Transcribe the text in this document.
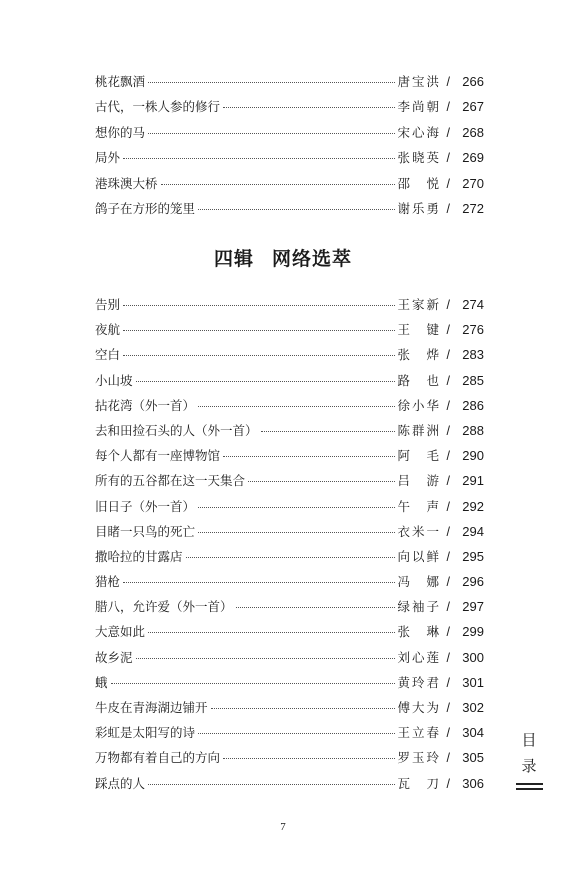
桃花飘酒	唐宝洪 / 266
古代，一株人参的修行	李尚朝 / 267
想你的马	宋心海 / 268
局外	张晓英 / 269
港珠澳大桥	邵　悦 / 270
鸽子在方形的笼里	谢乐勇 / 272
四辑 网络选萃
告别	王家新 / 274
夜航	王　键 / 276
空白	张　烨 / 283
小山坡	路　也 / 285
拈花湾（外一首）	徐小华 / 286
去和田捡石头的人（外一首）	陈群洲 / 288
每个人都有一座博物馆	阿　毛 / 290
所有的五谷都在这一天集合	吕　游 / 291
旧日子（外一首）	午　声 / 292
目睹一只鸟的死亡	衣米一 / 294
撒哈拉的甘露店	向以鲜 / 295
猎枪	冯　娜 / 296
腊八，允许爱（外一首）	绿袖子 / 297
大意如此	张　琳 / 299
故乡泥	刘心莲 / 300
蛾	黄玲君 / 301
牛皮在青海湖边铺开	傅大为 / 302
彩虹是太阳写的诗	王立春 / 304
万物都有着自己的方向	罗玉玲 / 305
踩点的人	瓦　刀 / 306
目
录
7
